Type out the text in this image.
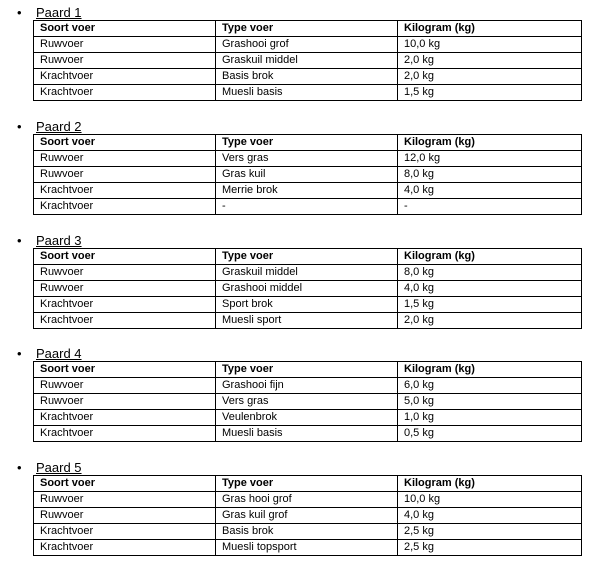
• Paard 1
Soort voer	Type voer	Kilogram (kg)
Ruwvoer	Grashooi grof	10,0 kg
Ruwvoer	Graskuil middel	2,0 kg
Krachtvoer	Basis brok	2,0 kg
Krachtvoer	Muesli basis	1,5 kg
• Paard 2
Soort voer	Type voer	Kilogram (kg)
Ruwvoer	Vers gras	12,0 kg
Ruwvoer	Gras kuil	8,0 kg
Krachtvoer	Merrie brok	4,0 kg
Krachtvoer	-	-
• Paard 3
Soort voer	Type voer	Kilogram (kg)
Ruwvoer	Graskuil middel	8,0 kg
Ruwvoer	Grashooi middel	4,0 kg
Krachtvoer	Sport brok	1,5 kg
Krachtvoer	Muesli sport	2,0 kg
• Paard 4
Soort voer	Type voer	Kilogram (kg)
Ruwvoer	Grashooi fijn	6,0 kg
Ruwvoer	Vers gras	5,0 kg
Krachtvoer	Veulenbrok	1,0 kg
Krachtvoer	Muesli basis	0,5 kg
• Paard 5
Soort voer	Type voer	Kilogram (kg)
Ruwvoer	Gras hooi grof	10,0 kg
Ruwvoer	Gras kuil grof	4,0 kg
Krachtvoer	Basis brok	2,5 kg
Krachtvoer	Muesli topsport	2,5 kg
